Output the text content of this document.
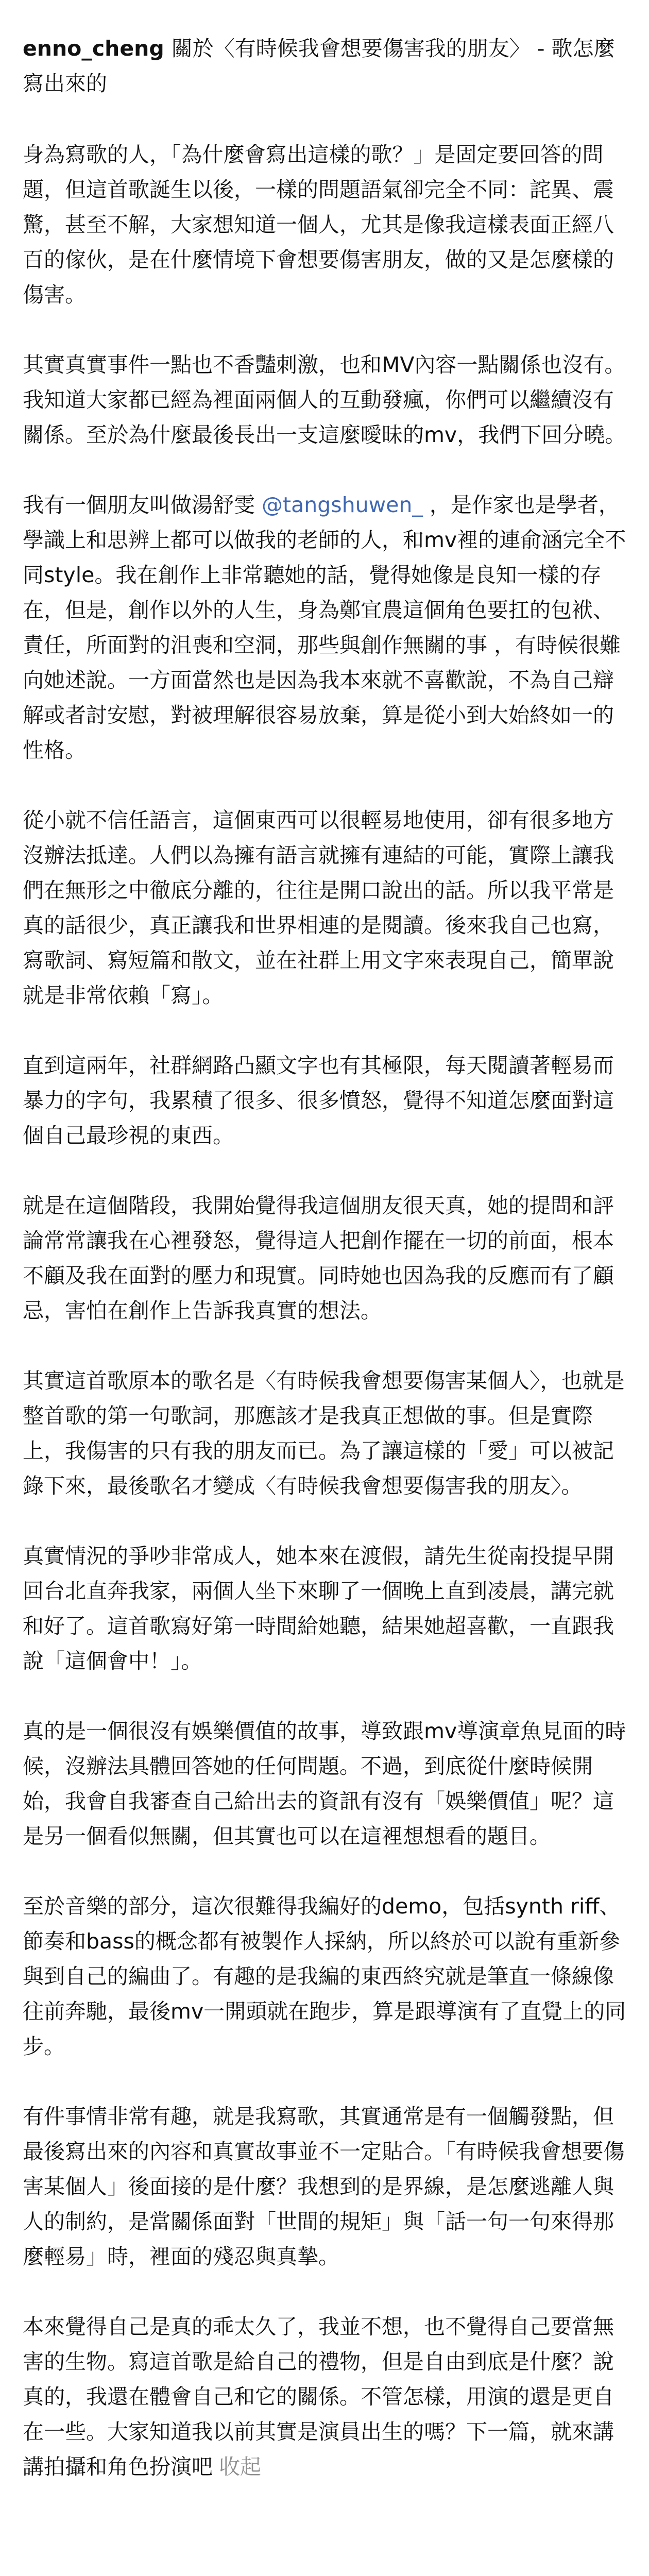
enno_cheng 關於〈有時候我會想要傷害我的朋友〉 - 歌怎麼寫出來的
身為寫歌的人，「為什麼會寫出這樣的歌？」是固定要回答的問題，但這首歌誕生以後，一樣的問題語氣卻完全不同：詫異、震驚，甚至不解，大家想知道一個人，尤其是像我這樣表面正經八百的傢伙，是在什麼情境下會想要傷害朋友，做的又是怎麼樣的傷害。
其實真實事件一點也不香豔刺激，也和MV內容一點關係也沒有。我知道大家都已經為裡面兩個人的互動發瘋，你們可以繼續沒有關係。至於為什麼最後長出一支這麼曖昧的mv，我們下回分曉。
我有一個朋友叫做湯舒雯 @tangshuwen_ ，是作家也是學者，學識上和思辨上都可以做我的老師的人，和mv裡的連俞涵完全不同style。我在創作上非常聽她的話，覺得她像是良知一樣的存在，但是，創作以外的人生，身為鄭宜農這個角色要扛的包袱、責任，所面對的沮喪和空洞，那些與創作無關的事 ，有時候很難向她述說。一方面當然也是因為我本來就不喜歡說，不為自己辯解或者討安慰，對被理解很容易放棄，算是從小到大始終如一的性格。
從小就不信任語言，這個東西可以很輕易地使用，卻有很多地方沒辦法抵達。人們以為擁有語言就擁有連結的可能，實際上讓我們在無形之中徹底分離的，往往是開口說出的話。所以我平常是真的話很少，真正讓我和世界相連的是閱讀。後來我自己也寫，寫歌詞、寫短篇和散文，並在社群上用文字來表現自己，簡單說就是非常依賴「寫」。
直到這兩年，社群網路凸顯文字也有其極限，每天閱讀著輕易而暴力的字句，我累積了很多、很多憤怒，覺得不知道怎麼面對這個自己最珍視的東西。
就是在這個階段，我開始覺得我這個朋友很天真，她的提問和評論常常讓我在心裡發怒，覺得這人把創作擺在一切的前面，根本不顧及我在面對的壓力和現實。同時她也因為我的反應而有了顧忌，害怕在創作上告訴我真實的想法。
其實這首歌原本的歌名是〈有時候我會想要傷害某個人〉，也就是整首歌的第一句歌詞，那應該才是我真正想做的事。但是實際上，我傷害的只有我的朋友而已。為了讓這樣的「愛」可以被記錄下來，最後歌名才變成〈有時候我會想要傷害我的朋友〉。
真實情況的爭吵非常成人，她本來在渡假，請先生從南投提早開回台北直奔我家，兩個人坐下來聊了一個晚上直到凌晨，講完就和好了。這首歌寫好第一時間給她聽，結果她超喜歡，一直跟我說「這個會中！」。
真的是一個很沒有娛樂價值的故事，導致跟mv導演章魚見面的時候，沒辦法具體回答她的任何問題。不過，到底從什麼時候開始，我會自我審查自己給出去的資訊有沒有「娛樂價值」呢？這是另一個看似無關，但其實也可以在這裡想想看的題目。
至於音樂的部分，這次很難得我編好的demo，包括synth riff、節奏和bass的概念都有被製作人採納，所以終於可以說有重新參與到自己的編曲了。有趣的是我編的東西終究就是筆直一條線像往前奔馳，最後mv一開頭就在跑步，算是跟導演有了直覺上的同步。
有件事情非常有趣，就是我寫歌，其實通常是有一個觸發點，但最後寫出來的內容和真實故事並不一定貼合。「有時候我會想要傷害某個人」後面接的是什麼？我想到的是界線，是怎麼逃離人與人的制約，是當關係面對「世間的規矩」與「話一句一句來得那麼輕易」時，裡面的殘忍與真摯。
本來覺得自己是真的乖太久了，我並不想，也不覺得自己要當無害的生物。寫這首歌是給自己的禮物，但是自由到底是什麼？說真的，我還在體會自己和它的關係。不管怎樣，用演的還是更自在一些。大家知道我以前其實是演員出生的嗎？下一篇，就來講講拍攝和角色扮演吧 收起
